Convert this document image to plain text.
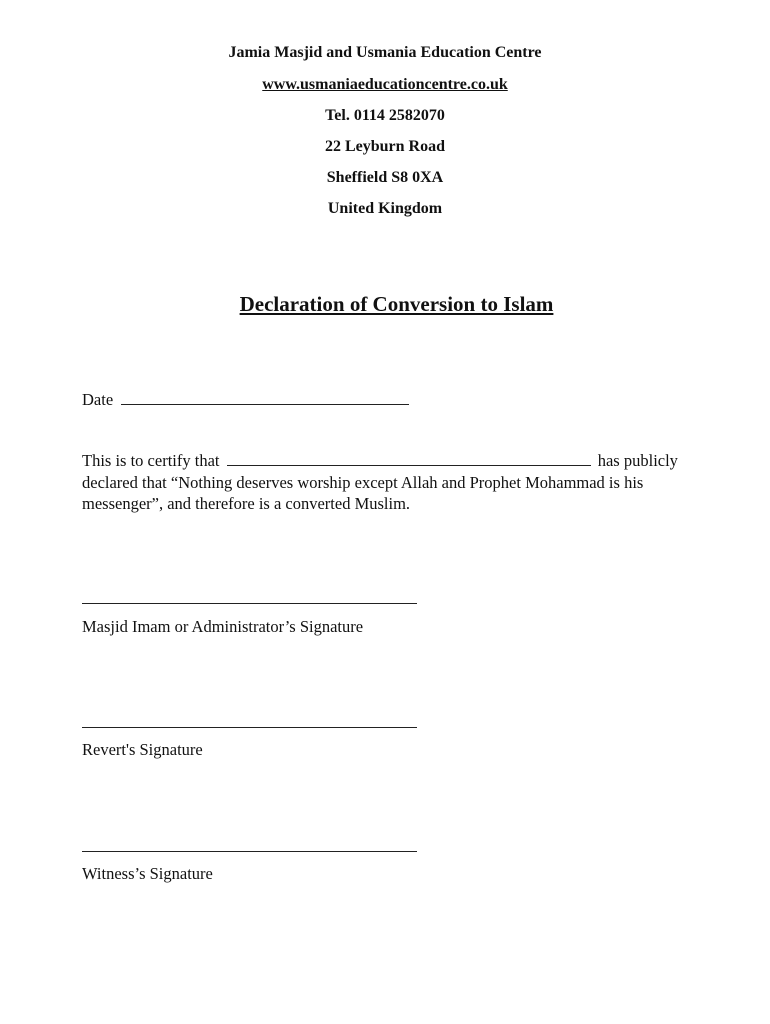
Jamia Masjid and Usmania Education Centre

www.usmaniaeducationcentre.co.uk

Tel. 0114 2582070

22 Leyburn Road

Sheffield S8 0XA

United Kingdom

Declaration of Conversion to Islam

Date

This is to certify that	has publicly
declared that “Nothing deserves worship except Allah and Prophet Mohammad is his
messenger”, and therefore is a converted Muslim.

Masjid Imam or Administrator’s Signature

Revert's Signature

Witness’s Signature
